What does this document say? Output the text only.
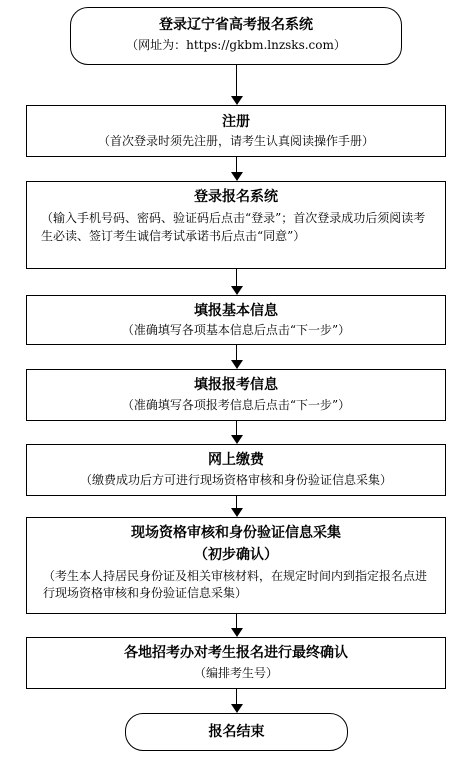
登录辽宁省高考报名系统
（网址为：https://gkbm.lnzsks.com）
注册
（首次登录时须先注册，请考生认真阅读操作手册）
登录报名系统
（输入手机号码、密码、验证码后点击“登录”；首次登录成功后须阅读考生必读、签订考生诚信考试承诺书后点击“同意”）
填报基本信息
（准确填写各项基本信息后点击“下一步”）
填报报考信息
（准确填写各项报考信息后点击“下一步”）
网上缴费
（缴费成功后方可进行现场资格审核和身份验证信息采集）
现场资格审核和身份验证信息采集
（初步确认）
（考生本人持居民身份证及相关审核材料，在规定时间内到指定报名点进行现场资格审核和身份验证信息采集）
各地招考办对考生报名进行最终确认
（编排考生号）
报名结束
